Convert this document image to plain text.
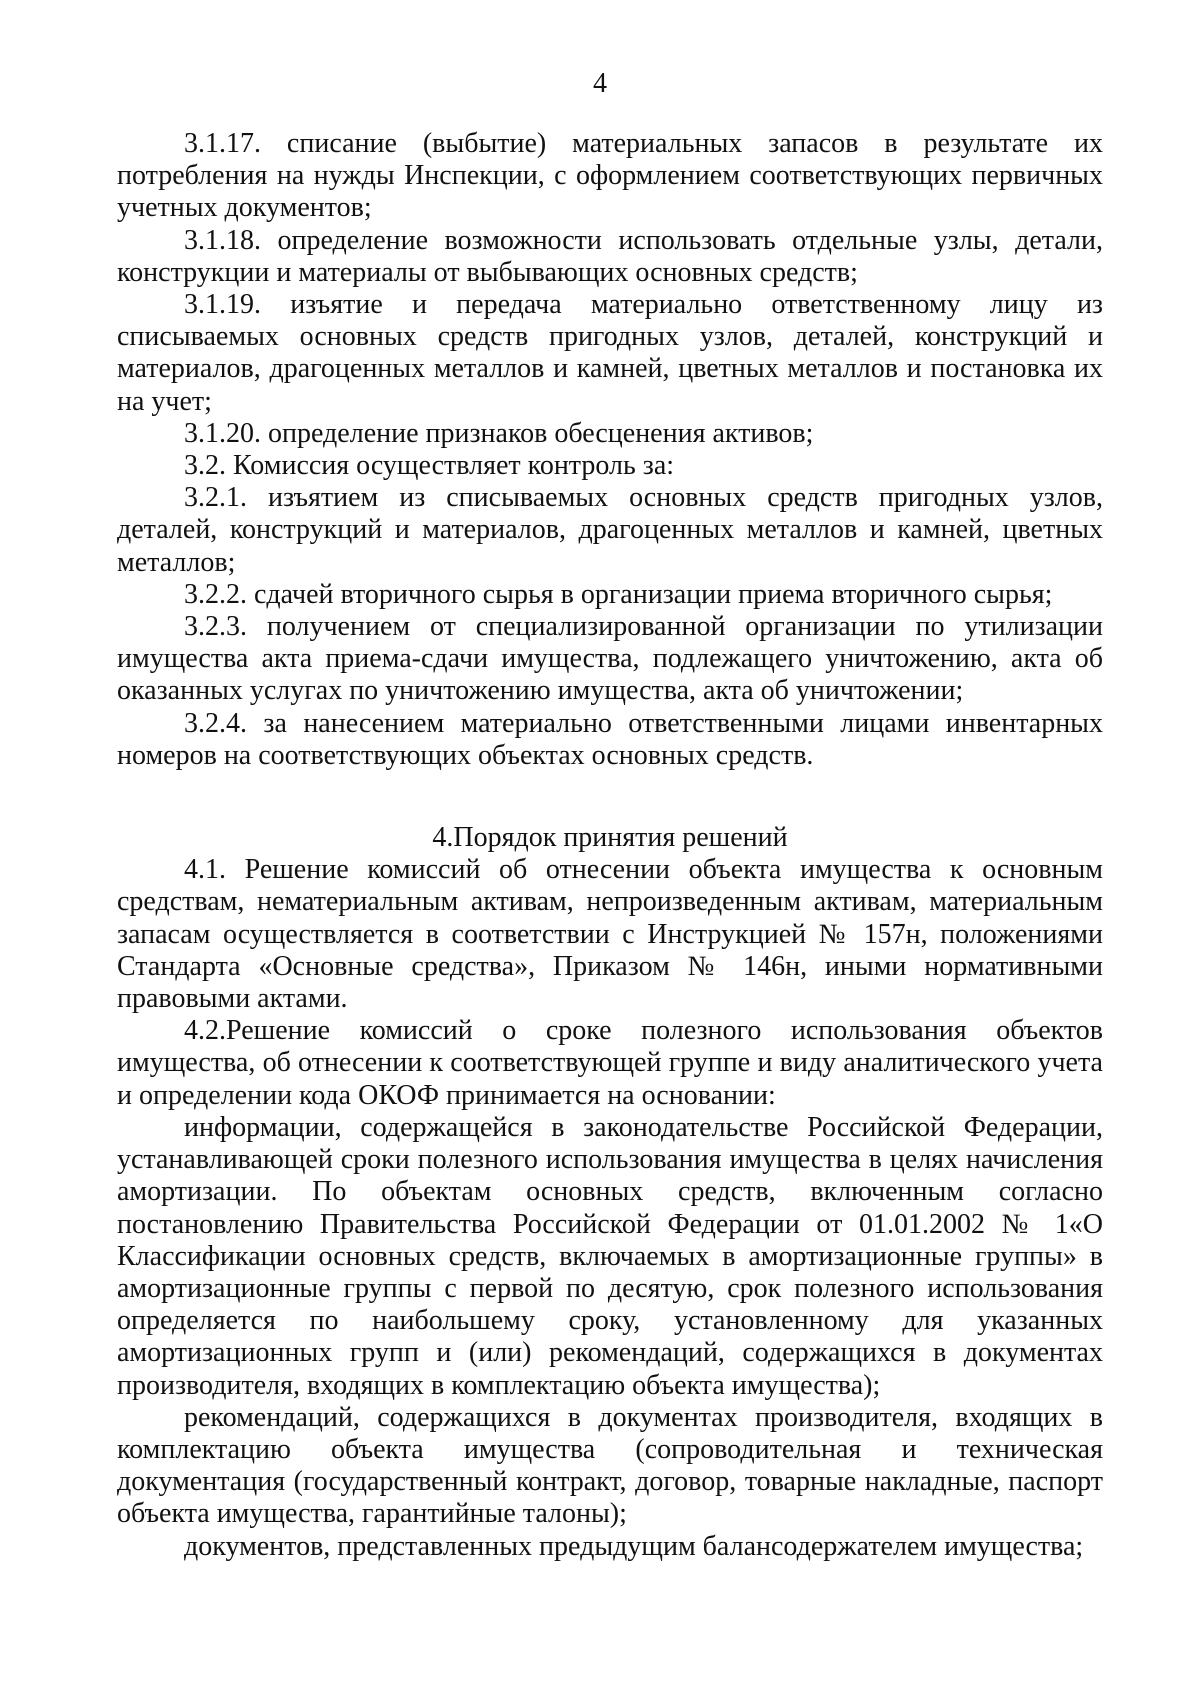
4

3.1.17. списание (выбытие) материальных запасов в результате их потребления на нужды Инспекции, с оформлением соответствующих первичных учетных документов;

3.1.18. определение возможности использовать отдельные узлы, детали, конструкции и материалы от выбывающих основных средств;

3.1.19. изъятие и передача материально ответственному лицу из списываемых основных средств пригодных узлов, деталей, конструкций и материалов, драгоценных металлов и камней, цветных металлов и постановка их на учет;

3.1.20. определение признаков обесценения активов;

3.2. Комиссия осуществляет контроль за:

3.2.1. изъятием из списываемых основных средств пригодных узлов, деталей, конструкций и материалов, драгоценных металлов и камней, цветных металлов;

3.2.2. сдачей вторичного сырья в организации приема вторичного сырья;

3.2.3. получением от специализированной организации по утилизации имущества акта приема-сдачи имущества, подлежащего уничтожению, акта об оказанных услугах по уничтожению имущества, акта об уничтожении;

3.2.4. за нанесением материально ответственными лицами инвентарных номеров на соответствующих объектах основных средств.

4.Порядок принятия решений

4.1. Решение комиссий об отнесении объекта имущества к основным средствам, нематериальным активам, непроизведенным активам, материальным запасам осуществляется в соответствии с Инструкцией № 157н, положениями Стандарта «Основные средства», Приказом № 146н, иными нормативными правовыми актами.

4.2.Решение комиссий о сроке полезного использования объектов имущества, об отнесении к соответствующей группе и виду аналитического учета и определении кода ОКОФ принимается на основании:

информации, содержащейся в законодательстве Российской Федерации, устанавливающей сроки полезного использования имущества в целях начисления амортизации. По объектам основных средств, включенным согласно постановлению Правительства Российской Федерации от 01.01.2002 № 1«О Классификации основных средств, включаемых в амортизационные группы» в амортизационные группы с первой по десятую, срок полезного использования определяется по наибольшему сроку, установленному для указанных амортизационных групп и (или) рекомендаций, содержащихся в документах производителя, входящих в комплектацию объекта имущества);

рекомендаций, содержащихся в документах производителя, входящих в комплектацию объекта имущества (сопроводительная и техническая документация (государственный контракт, договор, товарные накладные, паспорт объекта имущества, гарантийные талоны);

документов, представленных предыдущим балансодержателем имущества;
